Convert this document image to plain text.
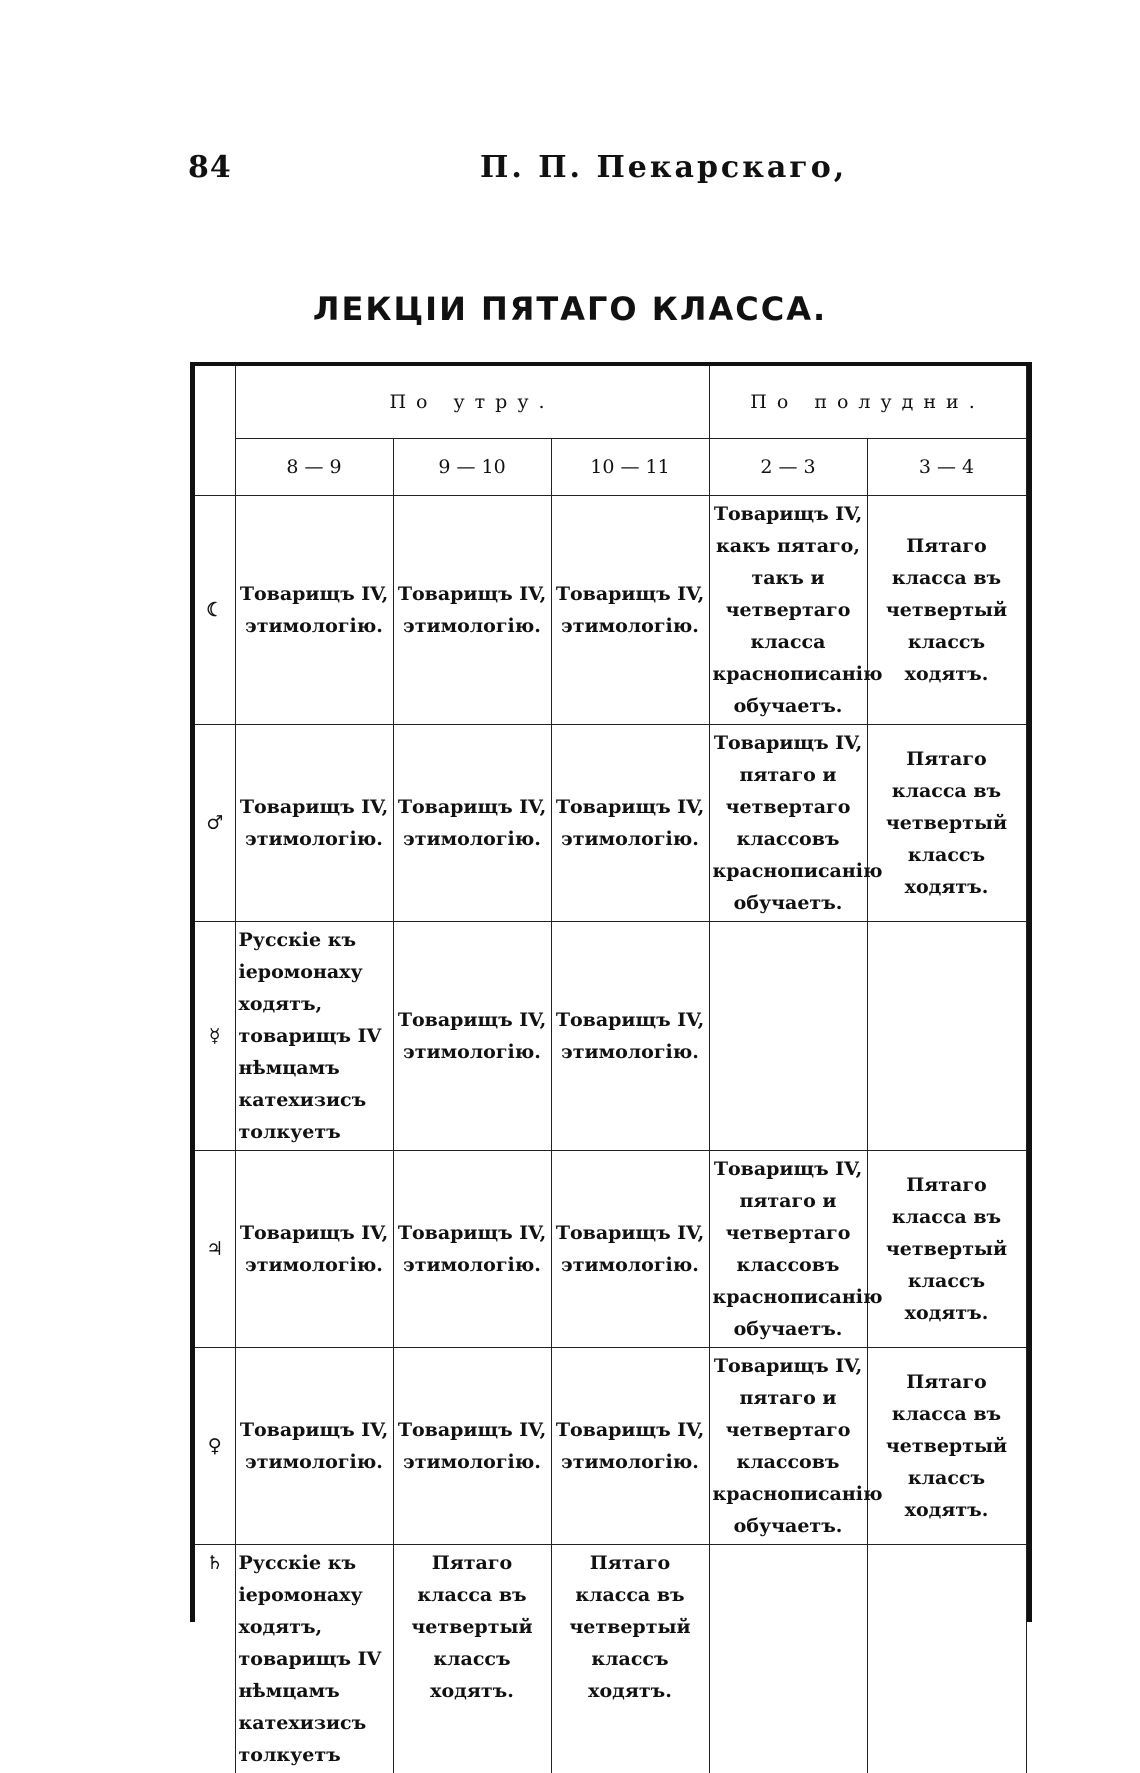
84	П. П. Пекарскаго,
ЛЕКЦІИ ПЯТАГО КЛАССА.
	По утру.			По полудни.	
	8 — 9	9 — 10	10 — 11	2 — 3	3 — 4
☾	Товарищъ IV, этимологію.	Товарищъ IV, этимологію.	Товарищъ IV, этимологію.	Товарищъ IV, какъ пятаго, такъ и четвертаго класса краснописанію обучаетъ.	Пятаго класса въ четвертый классъ ходятъ.
♂	Товарищъ IV, этимологію.	Товарищъ IV, этимологію.	Товарищъ IV, этимологію.	Товарищъ IV, пятаго и четвертаго классовъ краснописанію обучаетъ.	Пятаго класса въ четвертый классъ ходятъ.
☿	Русскіе къ іеромонаху ходятъ, товарищъ IV нѣмцамъ катехизисъ толкуетъ	Товарищъ IV, этимологію.	Товарищъ IV, этимологію.		
♃	Товарищъ IV, этимологію.	Товарищъ IV, этимологію.	Товарищъ IV, этимологію.	Товарищъ IV, пятаго и четвертаго классовъ краснописанію обучаетъ.	Пятаго класса въ четвертый классъ ходятъ.
♀	Товарищъ IV, этимологію.	Товарищъ IV, этимологію.	Товарищъ IV, этимологію.	Товарищъ IV, пятаго и четвертаго классовъ краснописанію обучаетъ.	Пятаго класса въ четвертый классъ ходятъ.
♄	Русскіе къ іеромонаху ходятъ, товарищъ IV нѣмцамъ катехизисъ толкуетъ	Пятаго класса въ четвертый классъ ходятъ.	Пятаго класса въ четвертый классъ ходятъ.		
